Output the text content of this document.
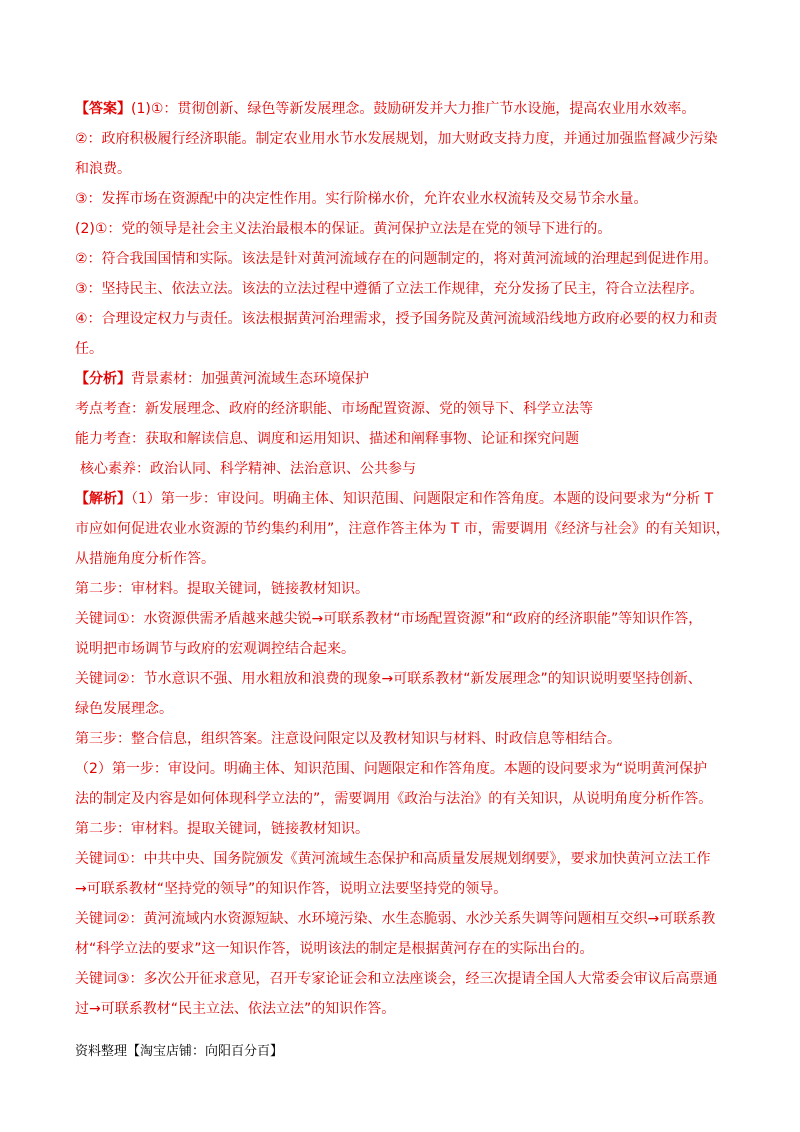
【答案】(1)①：贯彻创新、绿色等新发展理念。鼓励研发并大力推广节水设施，提高农业用水效率。

②：政府积极履行经济职能。制定农业用水节水发展规划，加大财政支持力度，并通过加强监督减少污染

和浪费。

③：发挥市场在资源配中的决定性作用。实行阶梯水价，允许农业水权流转及交易节余水量。

(2)①：党的领导是社会主义法治最根本的保证。黄河保护立法是在党的领导下进行的。

②：符合我国国情和实际。该法是针对黄河流域存在的问题制定的，将对黄河流域的治理起到促进作用。

③：坚持民主、依法立法。该法的立法过程中遵循了立法工作规律，充分发扬了民主，符合立法程序。

④：合理设定权力与责任。该法根据黄河治理需求，授予国务院及黄河流域沿线地方政府必要的权力和责

任。

【分析】背景素材：加强黄河流域生态环境保护

考点考查：新发展理念、政府的经济职能、市场配置资源、党的领导下、科学立法等

能力考查：获取和解读信息、调度和运用知识、描述和阐释事物、论证和探究问题

核心素养：政治认同、科学精神、法治意识、公共参与

【解析】（1）第一步：审设问。明确主体、知识范围、问题限定和作答角度。本题的设问要求为“分析 T

市应如何促进农业水资源的节约集约利用”，注意作答主体为 T 市，需要调用《经济与社会》的有关知识，

从措施角度分析作答。

第二步：审材料。提取关键词，链接教材知识。

关键词①：水资源供需矛盾越来越尖锐→可联系教材“市场配置资源”和“政府的经济职能”等知识作答，

说明把市场调节与政府的宏观调控结合起来。

关键词②：节水意识不强、用水粗放和浪费的现象→可联系教材“新发展理念”的知识说明要坚持创新、

绿色发展理念。

第三步：整合信息，组织答案。注意设问限定以及教材知识与材料、时政信息等相结合。

（2）第一步：审设问。明确主体、知识范围、问题限定和作答角度。本题的设问要求为“说明黄河保护

法的制定及内容是如何体现科学立法的”，需要调用《政治与法治》的有关知识，从说明角度分析作答。

第二步：审材料。提取关键词，链接教材知识。

关键词①：中共中央、国务院颁发《黄河流域生态保护和高质量发展规划纲要》，要求加快黄河立法工作

→可联系教材“坚持党的领导”的知识作答，说明立法要坚持党的领导。

关键词②：黄河流域内水资源短缺、水环境污染、水生态脆弱、水沙关系失调等问题相互交织→可联系教

材“科学立法的要求”这一知识作答，说明该法的制定是根据黄河存在的实际出台的。

关键词③：多次公开征求意见，召开专家论证会和立法座谈会，经三次提请全国人大常委会审议后高票通

过→可联系教材“民主立法、依法立法”的知识作答。

资料整理【淘宝店铺：向阳百分百】
